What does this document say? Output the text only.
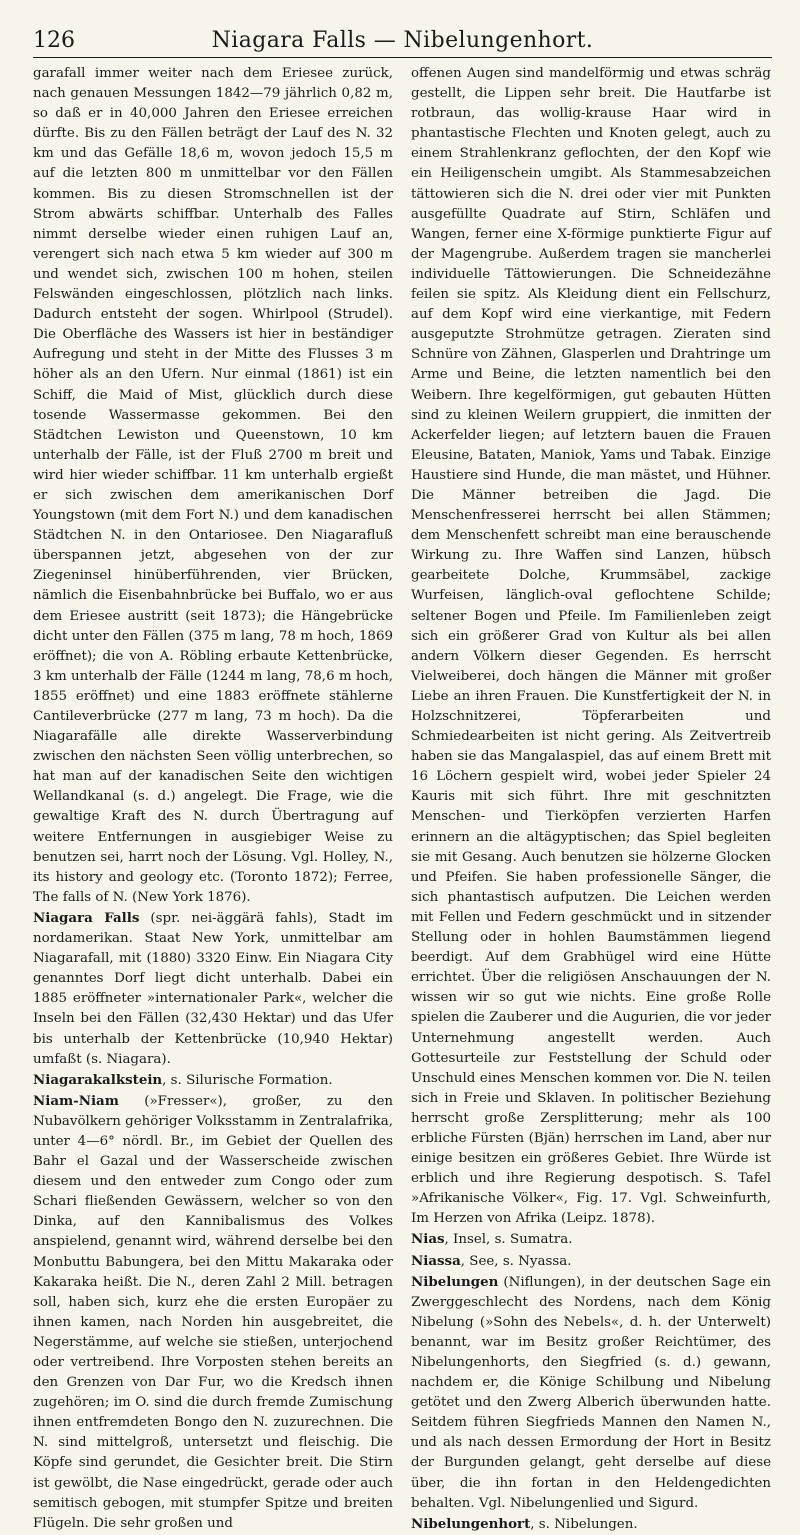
126	Niagara Falls — Nibelungenhort.

garafall immer weiter nach dem Eriesee zurück, nach genauen Messungen 1842—79 jährlich 0,82 m, so daß er in 40,000 Jahren den Eriesee erreichen dürfte. Bis zu den Fällen beträgt der Lauf des N. 32 km und das Gefälle 18,6 m, wovon jedoch 15,5 m auf die letzten 800 m unmittelbar vor den Fällen kommen. Bis zu diesen Stromschnellen ist der Strom abwärts schiffbar. Unterhalb des Falles nimmt derselbe wieder einen ruhigen Lauf an, verengert sich nach etwa 5 km wieder auf 300 m und wendet sich, zwischen 100 m hohen, steilen Felswänden eingeschlossen, plötzlich nach links. Dadurch entsteht der sogen. Whirlpool (Strudel). Die Oberfläche des Wassers ist hier in beständiger Aufregung und steht in der Mitte des Flusses 3 m höher als an den Ufern. Nur einmal (1861) ist ein Schiff, die Maid of Mist, glücklich durch diese tosende Wassermasse gekommen. Bei den Städtchen Lewiston und Queenstown, 10 km unterhalb der Fälle, ist der Fluß 2700 m breit und wird hier wieder schiffbar. 11 km unterhalb ergießt er sich zwischen dem amerikanischen Dorf Youngstown (mit dem Fort N.) und dem kanadischen Städtchen N. in den Ontariosee. Den Niagarafluß überspannen jetzt, abgesehen von der zur Ziegeninsel hinüberführenden, vier Brücken, nämlich die Eisenbahnbrücke bei Buffalo, wo er aus dem Eriesee austritt (seit 1873); die Hängebrücke dicht unter den Fällen (375 m lang, 78 m hoch, 1869 eröffnet); die von A. Röbling erbaute Kettenbrücke, 3 km unterhalb der Fälle (1244 m lang, 78,6 m hoch, 1855 eröffnet) und eine 1883 eröffnete stählerne Cantileverbrücke (277 m lang, 73 m hoch). Da die Niagarafälle alle direkte Wasserverbindung zwischen den nächsten Seen völlig unterbrechen, so hat man auf der kanadischen Seite den wichtigen Wellandkanal (s. d.) angelegt. Die Frage, wie die gewaltige Kraft des N. durch Übertragung auf weitere Entfernungen in ausgiebiger Weise zu benutzen sei, harrt noch der Lösung. Vgl. Holley, N., its history and geology etc. (Toronto 1872); Ferree, The falls of N. (New York 1876).

Niagara Falls (spr. nei-äggärä fahls), Stadt im nordamerikan. Staat New York, unmittelbar am Niagarafall, mit (1880) 3320 Einw. Ein Niagara City genanntes Dorf liegt dicht unterhalb. Dabei ein 1885 eröffneter »internationaler Park«, welcher die Inseln bei den Fällen (32,430 Hektar) und das Ufer bis unterhalb der Kettenbrücke (10,940 Hektar) umfaßt (s. Niagara).

Niagarakalkstein, s. Silurische Formation.

Niam-Niam (»Fresser«), großer, zu den Nubavölkern gehöriger Volksstamm in Zentralafrika, unter 4—6° nördl. Br., im Gebiet der Quellen des Bahr el Gazal und der Wasserscheide zwischen diesem und den entweder zum Congo oder zum Schari fließenden Gewässern, welcher so von den Dinka, auf den Kannibalismus des Volkes anspielend, genannt wird, während derselbe bei den Monbuttu Babungera, bei den Mittu Makaraka oder Kakaraka heißt. Die N., deren Zahl 2 Mill. betragen soll, haben sich, kurz ehe die ersten Europäer zu ihnen kamen, nach Norden hin ausgebreitet, die Negerstämme, auf welche sie stießen, unterjochend oder vertreibend. Ihre Vorposten stehen bereits an den Grenzen von Dar Fur, wo die Kredsch ihnen zugehören; im O. sind die durch fremde Zumischung ihnen entfremdeten Bongo den N. zuzurechnen. Die N. sind mittelgroß, untersetzt und fleischig. Die Köpfe sind gerundet, die Gesichter breit. Die Stirn ist gewölbt, die Nase eingedrückt, gerade oder auch semitisch gebogen, mit stumpfer Spitze und breiten Flügeln. Die sehr großen und

offenen Augen sind mandelförmig und etwas schräg gestellt, die Lippen sehr breit. Die Hautfarbe ist rotbraun, das wollig-krause Haar wird in phantastische Flechten und Knoten gelegt, auch zu einem Strahlenkranz geflochten, der den Kopf wie ein Heiligenschein umgibt. Als Stammesabzeichen tättowieren sich die N. drei oder vier mit Punkten ausgefüllte Quadrate auf Stirn, Schläfen und Wangen, ferner eine X-förmige punktierte Figur auf der Magengrube. Außerdem tragen sie mancherlei individuelle Tättowierungen. Die Schneidezähne feilen sie spitz. Als Kleidung dient ein Fellschurz, auf dem Kopf wird eine vierkantige, mit Federn ausgeputzte Strohmütze getragen. Zieraten sind Schnüre von Zähnen, Glasperlen und Drahtringe um Arme und Beine, die letzten namentlich bei den Weibern. Ihre kegelförmigen, gut gebauten Hütten sind zu kleinen Weilern gruppiert, die inmitten der Ackerfelder liegen; auf letztern bauen die Frauen Eleusine, Bataten, Maniok, Yams und Tabak. Einzige Haustiere sind Hunde, die man mästet, und Hühner. Die Männer betreiben die Jagd. Die Menschenfresserei herrscht bei allen Stämmen; dem Menschenfett schreibt man eine berauschende Wirkung zu. Ihre Waffen sind Lanzen, hübsch gearbeitete Dolche, Krummsäbel, zackige Wurfeisen, länglich-oval geflochtene Schilde; seltener Bogen und Pfeile. Im Familienleben zeigt sich ein größerer Grad von Kultur als bei allen andern Völkern dieser Gegenden. Es herrscht Vielweiberei, doch hängen die Männer mit großer Liebe an ihren Frauen. Die Kunstfertigkeit der N. in Holzschnitzerei, Töpferarbeiten und Schmiedearbeiten ist nicht gering. Als Zeitvertreib haben sie das Mangalaspiel, das auf einem Brett mit 16 Löchern gespielt wird, wobei jeder Spieler 24 Kauris mit sich führt. Ihre mit geschnitzten Menschen- und Tierköpfen verzierten Harfen erinnern an die altägyptischen; das Spiel begleiten sie mit Gesang. Auch benutzen sie hölzerne Glocken und Pfeifen. Sie haben professionelle Sänger, die sich phantastisch aufputzen. Die Leichen werden mit Fellen und Federn geschmückt und in sitzender Stellung oder in hohlen Baumstämmen liegend beerdigt. Auf dem Grabhügel wird eine Hütte errichtet. Über die religiösen Anschauungen der N. wissen wir so gut wie nichts. Eine große Rolle spielen die Zauberer und die Augurien, die vor jeder Unternehmung angestellt werden. Auch Gottesurteile zur Feststellung der Schuld oder Unschuld eines Menschen kommen vor. Die N. teilen sich in Freie und Sklaven. In politischer Beziehung herrscht große Zersplitterung; mehr als 100 erbliche Fürsten (Bjän) herrschen im Land, aber nur einige besitzen ein größeres Gebiet. Ihre Würde ist erblich und ihre Regierung despotisch. S. Tafel »Afrikanische Völker«, Fig. 17. Vgl. Schweinfurth, Im Herzen von Afrika (Leipz. 1878).

Nias, Insel, s. Sumatra.

Niassa, See, s. Nyassa.

Nibelungen (Niflungen), in der deutschen Sage ein Zwerggeschlecht des Nordens, nach dem König Nibelung (»Sohn des Nebels«, d. h. der Unterwelt) benannt, war im Besitz großer Reichtümer, des Nibelungenhorts, den Siegfried (s. d.) gewann, nachdem er, die Könige Schilbung und Nibelung getötet und den Zwerg Alberich überwunden hatte. Seitdem führen Siegfrieds Mannen den Namen N., und als nach dessen Ermordung der Hort in Besitz der Burgunden gelangt, geht derselbe auf diese über, die ihn fortan in den Heldengedichten behalten. Vgl. Nibelungenlied und Sigurd.

Nibelungenhort, s. Nibelungen.
